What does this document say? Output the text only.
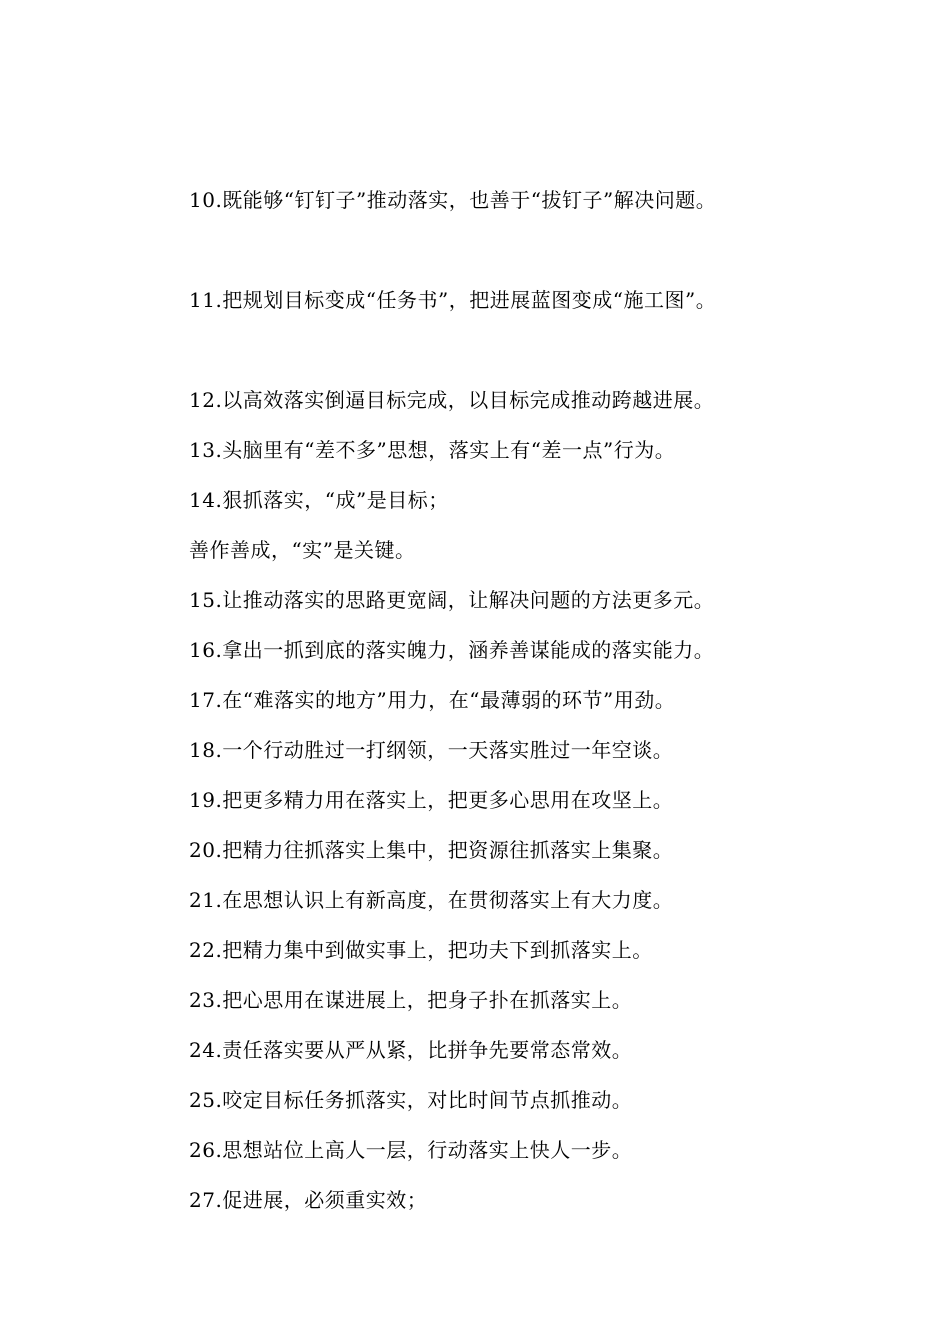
10.既能够“钉钉子”推动落实，也善于“拔钉子”解决问题。
11.把规划目标变成“任务书”，把进展蓝图变成“施工图”。
12.以高效落实倒逼目标完成，以目标完成推动跨越进展。
13.头脑里有“差不多”思想，落实上有“差一点”行为。
14.狠抓落实，“成”是目标；
善作善成，“实”是关键。
15.让推动落实的思路更宽阔，让解决问题的方法更多元。
16.拿出一抓到底的落实魄力，涵养善谋能成的落实能力。
17.在“难落实的地方”用力，在“最薄弱的环节”用劲。
18.一个行动胜过一打纲领，一天落实胜过一年空谈。
19.把更多精力用在落实上，把更多心思用在攻坚上。
20.把精力往抓落实上集中，把资源往抓落实上集聚。
21.在思想认识上有新高度，在贯彻落实上有大力度。
22.把精力集中到做实事上，把功夫下到抓落实上。
23.把心思用在谋进展上，把身子扑在抓落实上。
24.责任落实要从严从紧，比拼争先要常态常效。
25.咬定目标任务抓落实，对比时间节点抓推动。
26.思想站位上高人一层，行动落实上快人一步。
27.促进展，必须重实效；
